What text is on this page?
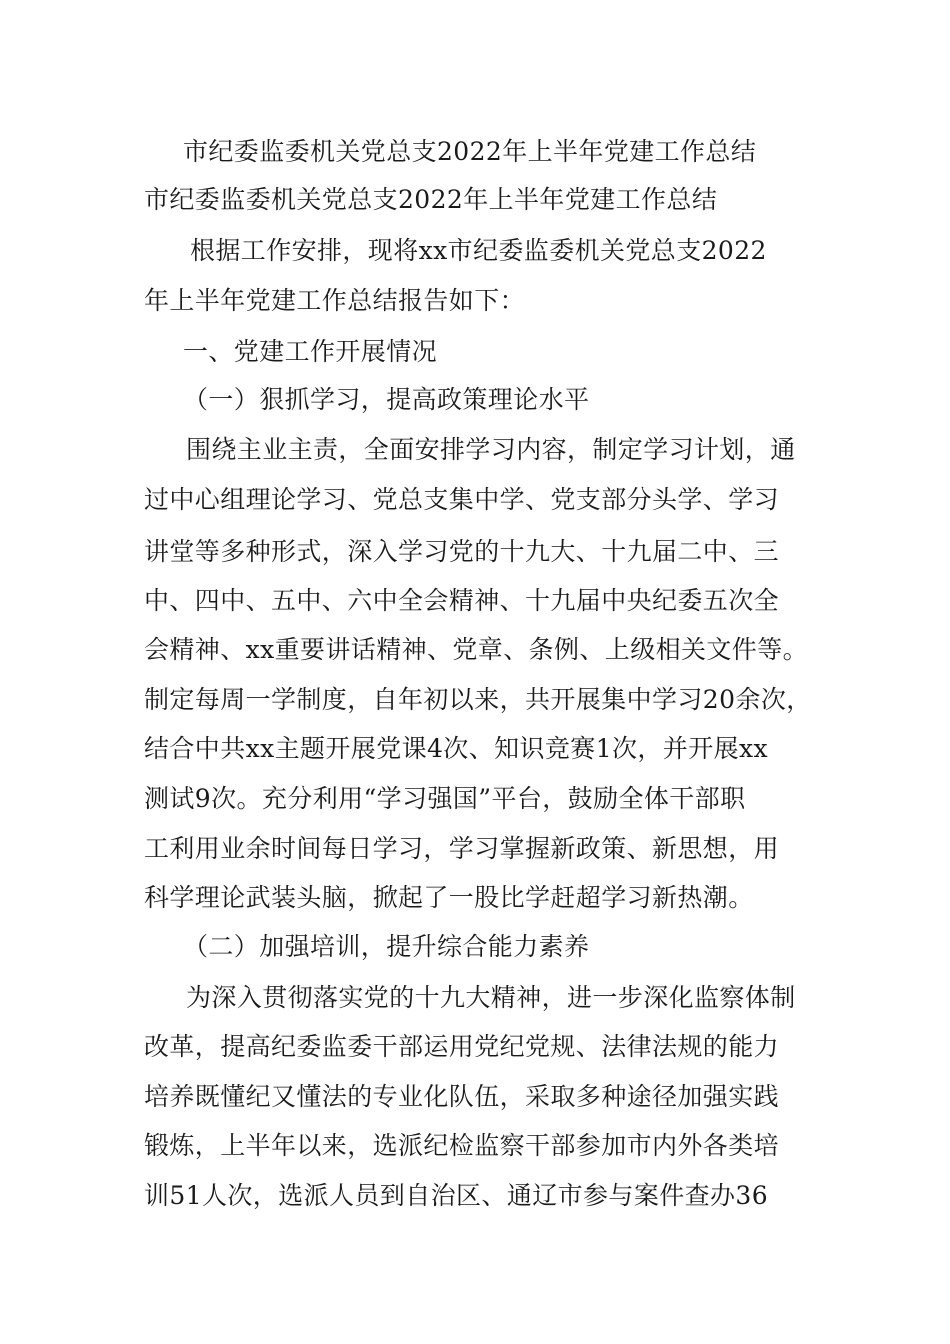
市纪委监委机关党总支2022年上半年党建工作总结
市纪委监委机关党总支2022年上半年党建工作总结
根据工作安排，现将xx市纪委监委机关党总支2022
年上半年党建工作总结报告如下：
一、党建工作开展情况
（一）狠抓学习，提高政策理论水平
围绕主业主责，全面安排学习内容，制定学习计划，通
过中心组理论学习、党总支集中学、党支部分头学、学习
讲堂等多种形式，深入学习党的十九大、十九届二中、三
中、四中、五中、六中全会精神、十九届中央纪委五次全
会精神、xx重要讲话精神、党章、条例、上级相关文件等。
制定每周一学制度，自年初以来，共开展集中学习20余次，
结合中共xx主题开展党课4次、知识竞赛1次，并开展xx
测试9次。充分利用“学习强国”平台，鼓励全体干部职
工利用业余时间每日学习，学习掌握新政策、新思想，用
科学理论武装头脑，掀起了一股比学赶超学习新热潮。
（二）加强培训，提升综合能力素养
为深入贯彻落实党的十九大精神，进一步深化监察体制
改革，提高纪委监委干部运用党纪党规、法律法规的能力
培养既懂纪又懂法的专业化队伍，采取多种途径加强实践
锻炼，上半年以来，选派纪检监察干部参加市内外各类培
训51人次，选派人员到自治区、通辽市参与案件查办36
